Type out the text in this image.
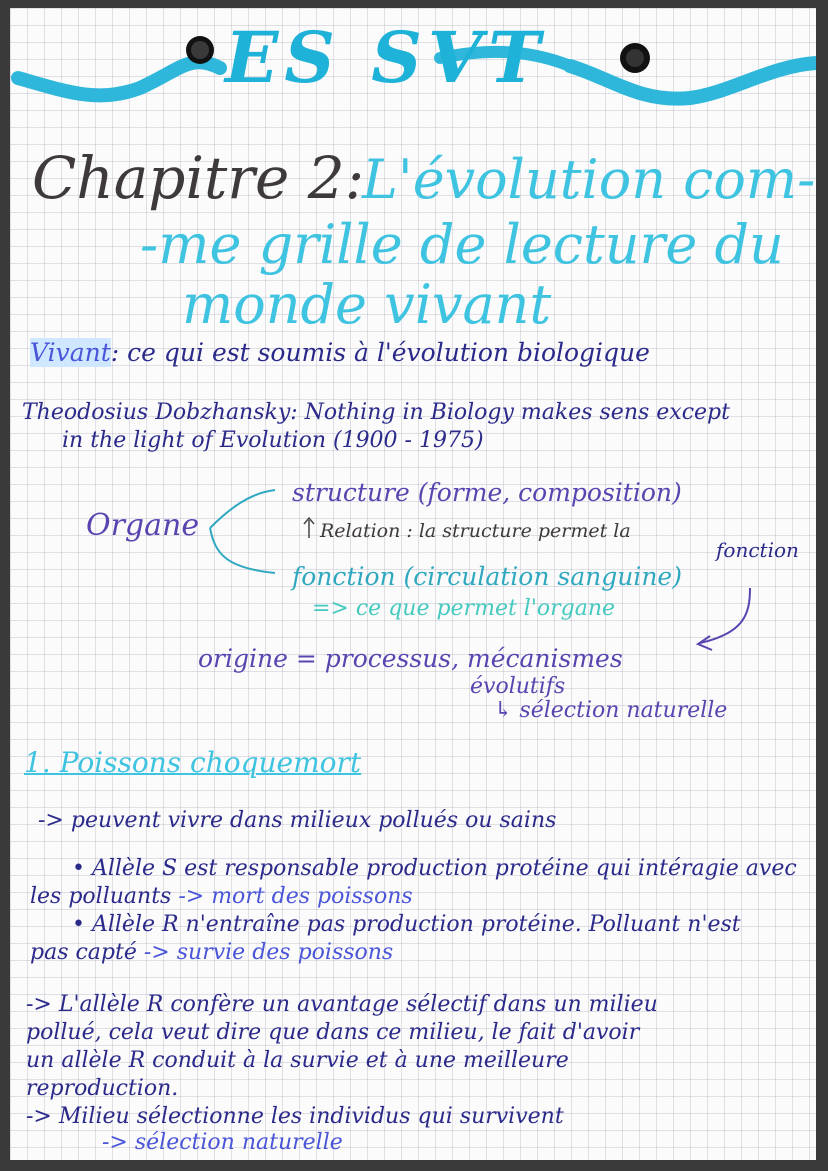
ES SVT
Chapitre 2:
L'évolution com-
-me grille de lecture du
monde vivant
Vivant: ce qui est soumis à l'évolution biologique
Theodosius Dobzhansky: Nothing in Biology makes sens except
in the light of Evolution (1900 - 1975)
Organe
structure (forme, composition)
Relation : la structure permet la
fonction
fonction (circulation sanguine)
=> ce que permet l'organe
origine = processus, mécanismes
évolutifs
↳ sélection naturelle
1. Poissons choquemort
-> peuvent vivre dans milieux pollués ou sains
• Allèle S est responsable production protéine qui intéragie avec
les polluants -> mort des poissons
• Allèle R n'entraîne pas production protéine. Polluant n'est
pas capté -> survie des poissons
-> L'allèle R confère un avantage sélectif dans un milieu
pollué, cela veut dire que dans ce milieu, le fait d'avoir
un allèle R conduit à la survie et à une meilleure
reproduction.
-> Milieu sélectionne les individus qui survivent
-> sélection naturelle
